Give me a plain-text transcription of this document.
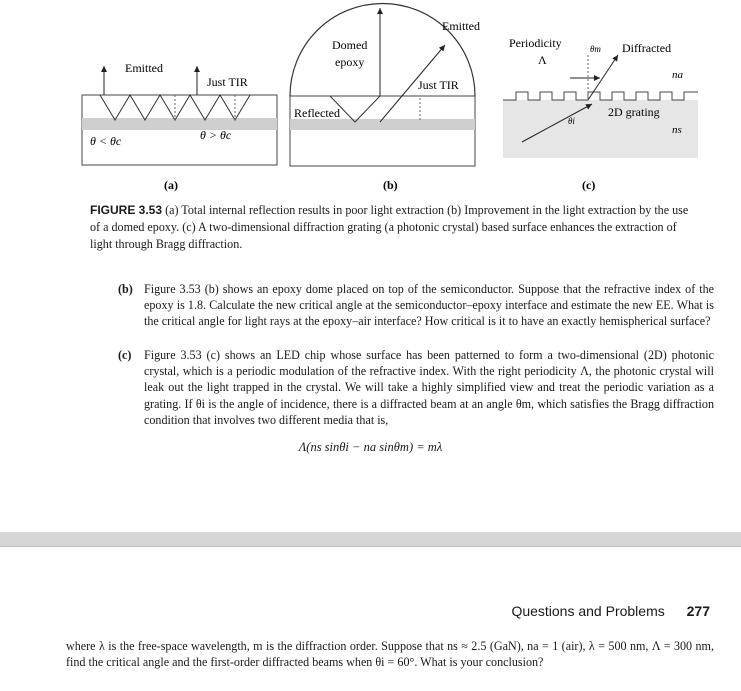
Emitted
Just TIR
θ < θc	θ > θc
Domed
epoxy
Emitted
Just TIR
Reflected
Periodicity
Λ
Diffracted
θm
na
2D grating
θi
ns
(a)	(b)	(c)
FIGURE 3.53 (a) Total internal reflection results in poor light extraction (b) Improvement in the light extraction by the use of a domed epoxy. (c) A two-dimensional diffraction grating (a photonic crystal) based surface enhances the extraction of light through Bragg diffraction.
(b) Figure 3.53 (b) shows an epoxy dome placed on top of the semiconductor. Suppose that the refractive index of the epoxy is 1.8. Calculate the new critical angle at the semiconductor–epoxy interface and estimate the new EE. What is the critical angle for light rays at the epoxy–air interface? How critical is it to have an exactly hemispherical surface?
(c) Figure 3.53 (c) shows an LED chip whose surface has been patterned to form a two-dimensional (2D) photonic crystal, which is a periodic modulation of the refractive index. With the right periodicity Λ, the photonic crystal will leak out the light trapped in the crystal. We will take a highly simplified view and treat the periodic variation as a grating. If θi is the angle of incidence, there is a diffracted beam at an angle θm, which satisfies the Bragg diffraction condition that involves two different media that is,
Λ(ns sinθi − na sinθm) = mλ
Questions and Problems 277
where λ is the free-space wavelength, m is the diffraction order. Suppose that ns ≈ 2.5 (GaN), na = 1 (air), λ = 500 nm, Λ = 300 nm, find the critical angle and the first-order diffracted beams when θi = 60°. What is your conclusion?
